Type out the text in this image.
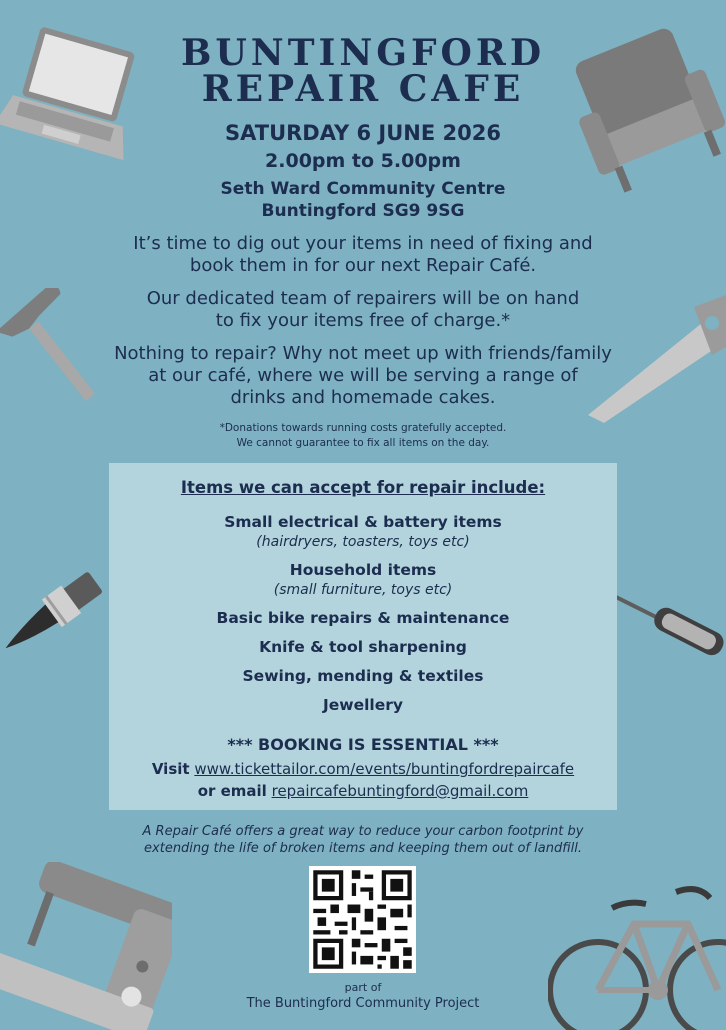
BUNTINGFORD
REPAIR CAFE
SATURDAY 6 JUNE 2026
2.00pm to 5.00pm
Seth Ward Community Centre
Buntingford SG9 9SG
It’s time to dig out your items in need of fixing and
book them in for our next Repair Café.
Our dedicated team of repairers will be on hand
to fix your items free of charge.*
Nothing to repair? Why not meet up with friends/family
at our café, where we will be serving a range of
drinks and homemade cakes.
*Donations towards running costs gratefully accepted.
We cannot guarantee to fix all items on the day.
Items we can accept for repair include:
Small electrical & battery items
(hairdryers, toasters, toys etc)
Household items
(small furniture, toys etc)
Basic bike repairs & maintenance
Knife & tool sharpening
Sewing, mending & textiles
Jewellery
*** BOOKING IS ESSENTIAL ***
Visit www.tickettailor.com/events/buntingfordrepaircafe
or email repaircafebuntingford@gmail.com
A Repair Café offers a great way to reduce your carbon footprint by
extending the life of broken items and keeping them out of landfill.
part of
The Buntingford Community Project
